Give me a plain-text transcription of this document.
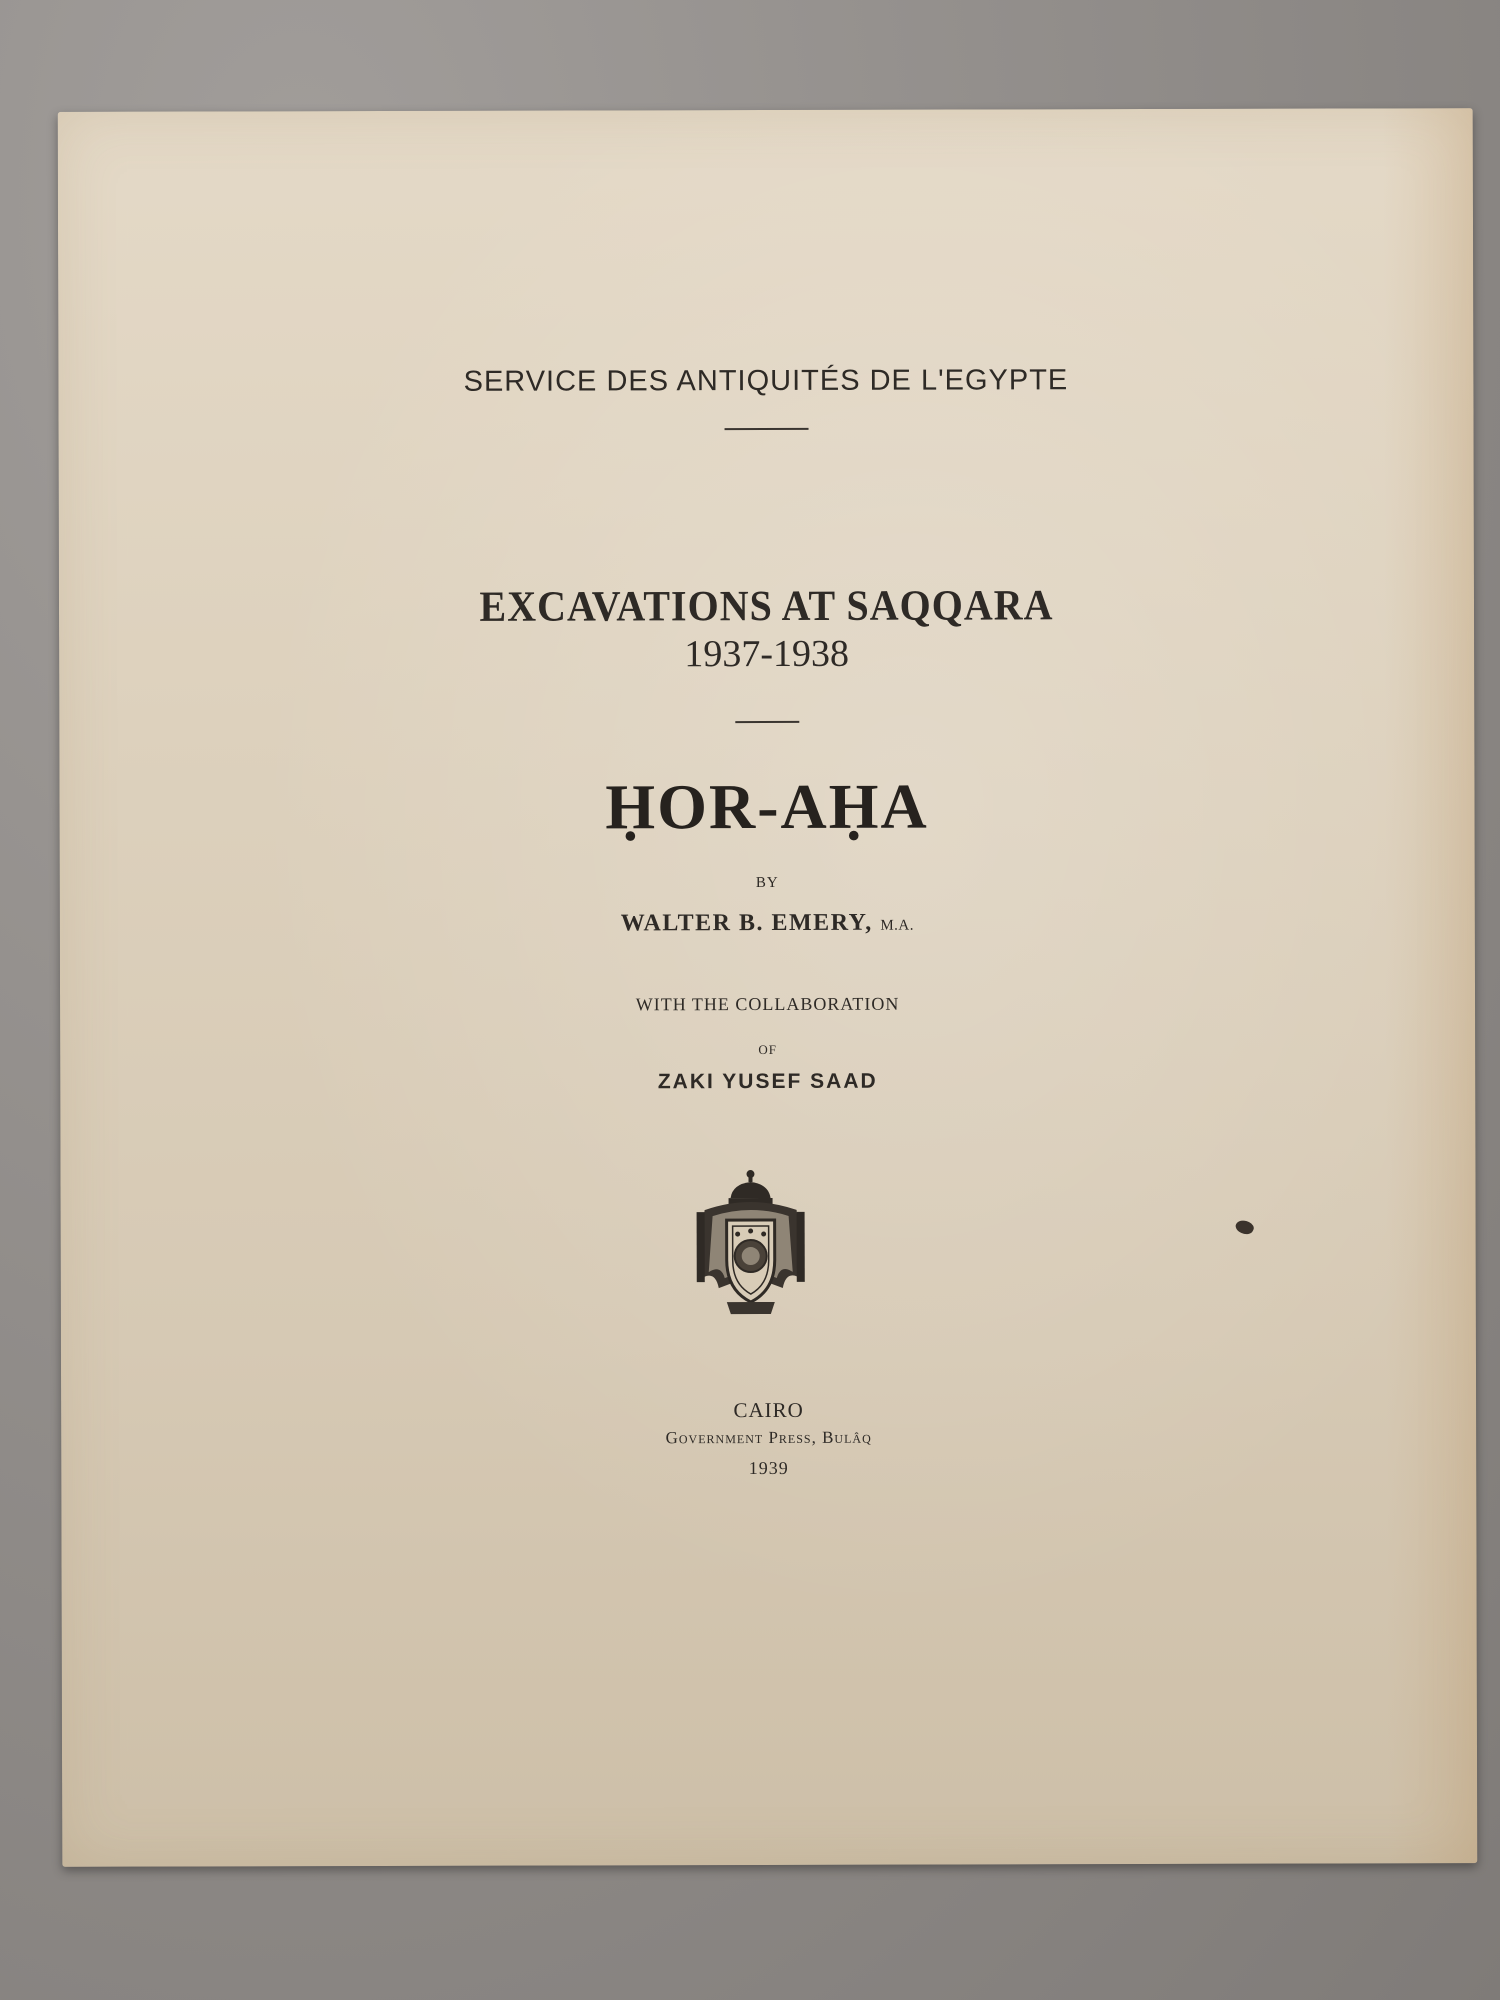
SERVICE DES ANTIQUITÉS DE L'EGYPTE
EXCAVATIONS AT SAQQARA
1937-1938
ḤOR-AḤA
BY
WALTER B. EMERY, M.A.
WITH THE COLLABORATION
OF
ZAKI YUSEF SAAD
CAIRO
Government Press, Bulâq
1939
